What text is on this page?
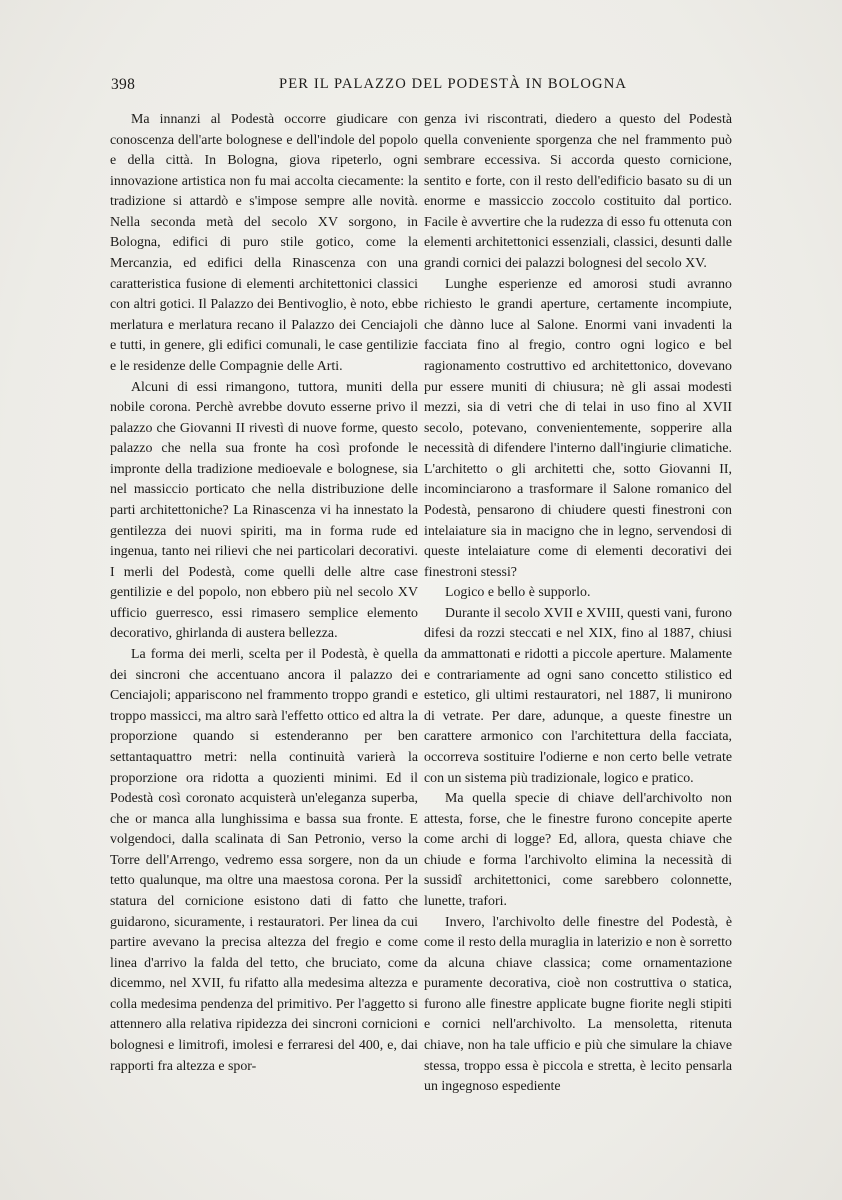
398	PER IL PALAZZO DEL PODESTÀ IN BOLOGNA

Ma innanzi al Podestà occorre giudicare con conoscenza dell'arte bolognese e dell'indole del popolo e della città. In Bologna, giova ripeterlo, ogni innovazione artistica non fu mai accolta ciecamente: la tradizione si attardò e s'impose sempre alle novità. Nella seconda metà del secolo XV sorgono, in Bologna, edifici di puro stile gotico, come la Mercanzia, ed edifici della Rinascenza con una caratteristica fusione di elementi architettonici classici con altri gotici. Il Palazzo dei Bentivoglio, è noto, ebbe merlatura e merlatura recano il Palazzo dei Cenciajoli e tutti, in genere, gli edifici comunali, le case gentilizie e le residenze delle Compagnie delle Arti.

Alcuni di essi rimangono, tuttora, muniti della nobile corona. Perchè avrebbe dovuto esserne privo il palazzo che Giovanni II rivestì di nuove forme, questo palazzo che nella sua fronte ha così profonde le impronte della tradizione medioevale e bolognese, sia nel massiccio porticato che nella distribuzione delle parti architettoniche? La Rinascenza vi ha innestato la gentilezza dei nuovi spiriti, ma in forma rude ed ingenua, tanto nei rilievi che nei particolari decorativi. I merli del Podestà, come quelli delle altre case gentilizie e del popolo, non ebbero più nel secolo XV ufficio guerresco, essi rimasero semplice elemento decorativo, ghirlanda di austera bellezza.

La forma dei merli, scelta per il Podestà, è quella dei sincroni che accentuano ancora il palazzo dei Cenciajoli; appariscono nel frammento troppo grandi e troppo massicci, ma altro sarà l'effetto ottico ed altra la proporzione quando si estenderanno per ben settantaquattro metri: nella continuità varierà la proporzione ora ridotta a quozienti minimi. Ed il Podestà così coronato acquisterà un'eleganza superba, che or manca alla lunghissima e bassa sua fronte. E volgendoci, dalla scalinata di San Petronio, verso la Torre dell'Arrengo, vedremo essa sorgere, non da un tetto qualunque, ma oltre una maestosa corona. Per la statura del cornicione esistono dati di fatto che guidarono, sicuramente, i restauratori. Per linea da cui partire avevano la precisa altezza del fregio e come linea d'arrivo la falda del tetto, che bruciato, come dicemmo, nel XVII, fu rifatto alla medesima altezza e colla medesima pendenza del primitivo. Per l'aggetto si attennero alla relativa ripidezza dei sincroni cornicioni bolognesi e limitrofi, imolesi e ferraresi del 400, e, dai rapporti fra altezza e spor-

genza ivi riscontrati, diedero a questo del Podestà quella conveniente sporgenza che nel frammento può sembrare eccessiva. Si accorda questo cornicione, sentito e forte, con il resto dell'edificio basato su di un enorme e massiccio zoccolo costituito dal portico. Facile è avvertire che la rudezza di esso fu ottenuta con elementi architettonici essenziali, classici, desunti dalle grandi cornici dei palazzi bolognesi del secolo XV.

Lunghe esperienze ed amorosi studi avranno richiesto le grandi aperture, certamente incompiute, che dànno luce al Salone. Enormi vani invadenti la facciata fino al fregio, contro ogni logico e bel ragionamento costruttivo ed architettonico, dovevano pur essere muniti di chiusura; nè gli assai modesti mezzi, sia di vetri che di telai in uso fino al XVII secolo, potevano, convenientemente, sopperire alla necessità di difendere l'interno dall'ingiurie climatiche. L'architetto o gli architetti che, sotto Giovanni II, incominciarono a trasformare il Salone romanico del Podestà, pensarono di chiudere questi finestroni con intelaiature sia in macigno che in legno, servendosi di queste intelaiature come di elementi decorativi dei finestroni stessi?

Logico e bello è supporlo.

Durante il secolo XVII e XVIII, questi vani, furono difesi da rozzi steccati e nel XIX, fino al 1887, chiusi da ammattonati e ridotti a piccole aperture. Malamente e contrariamente ad ogni sano concetto stilistico ed estetico, gli ultimi restauratori, nel 1887, li munirono di vetrate. Per dare, adunque, a queste finestre un carattere armonico con l'architettura della facciata, occorreva sostituire l'odierne e non certo belle vetrate con un sistema più tradizionale, logico e pratico.

Ma quella specie di chiave dell'archivolto non attesta, forse, che le finestre furono concepite aperte come archi di logge? Ed, allora, questa chiave che chiude e forma l'archivolto elimina la necessità di sussidî architettonici, come sarebbero colonnette, lunette, trafori.

Invero, l'archivolto delle finestre del Podestà, è come il resto della muraglia in laterizio e non è sorretto da alcuna chiave classica; come ornamentazione puramente decorativa, cioè non costruttiva o statica, furono alle finestre applicate bugne fiorite negli stipiti e cornici nell'archivolto. La mensoletta, ritenuta chiave, non ha tale ufficio e più che simulare la chiave stessa, troppo essa è piccola e stretta, è lecito pensarla un ingegnoso espediente
